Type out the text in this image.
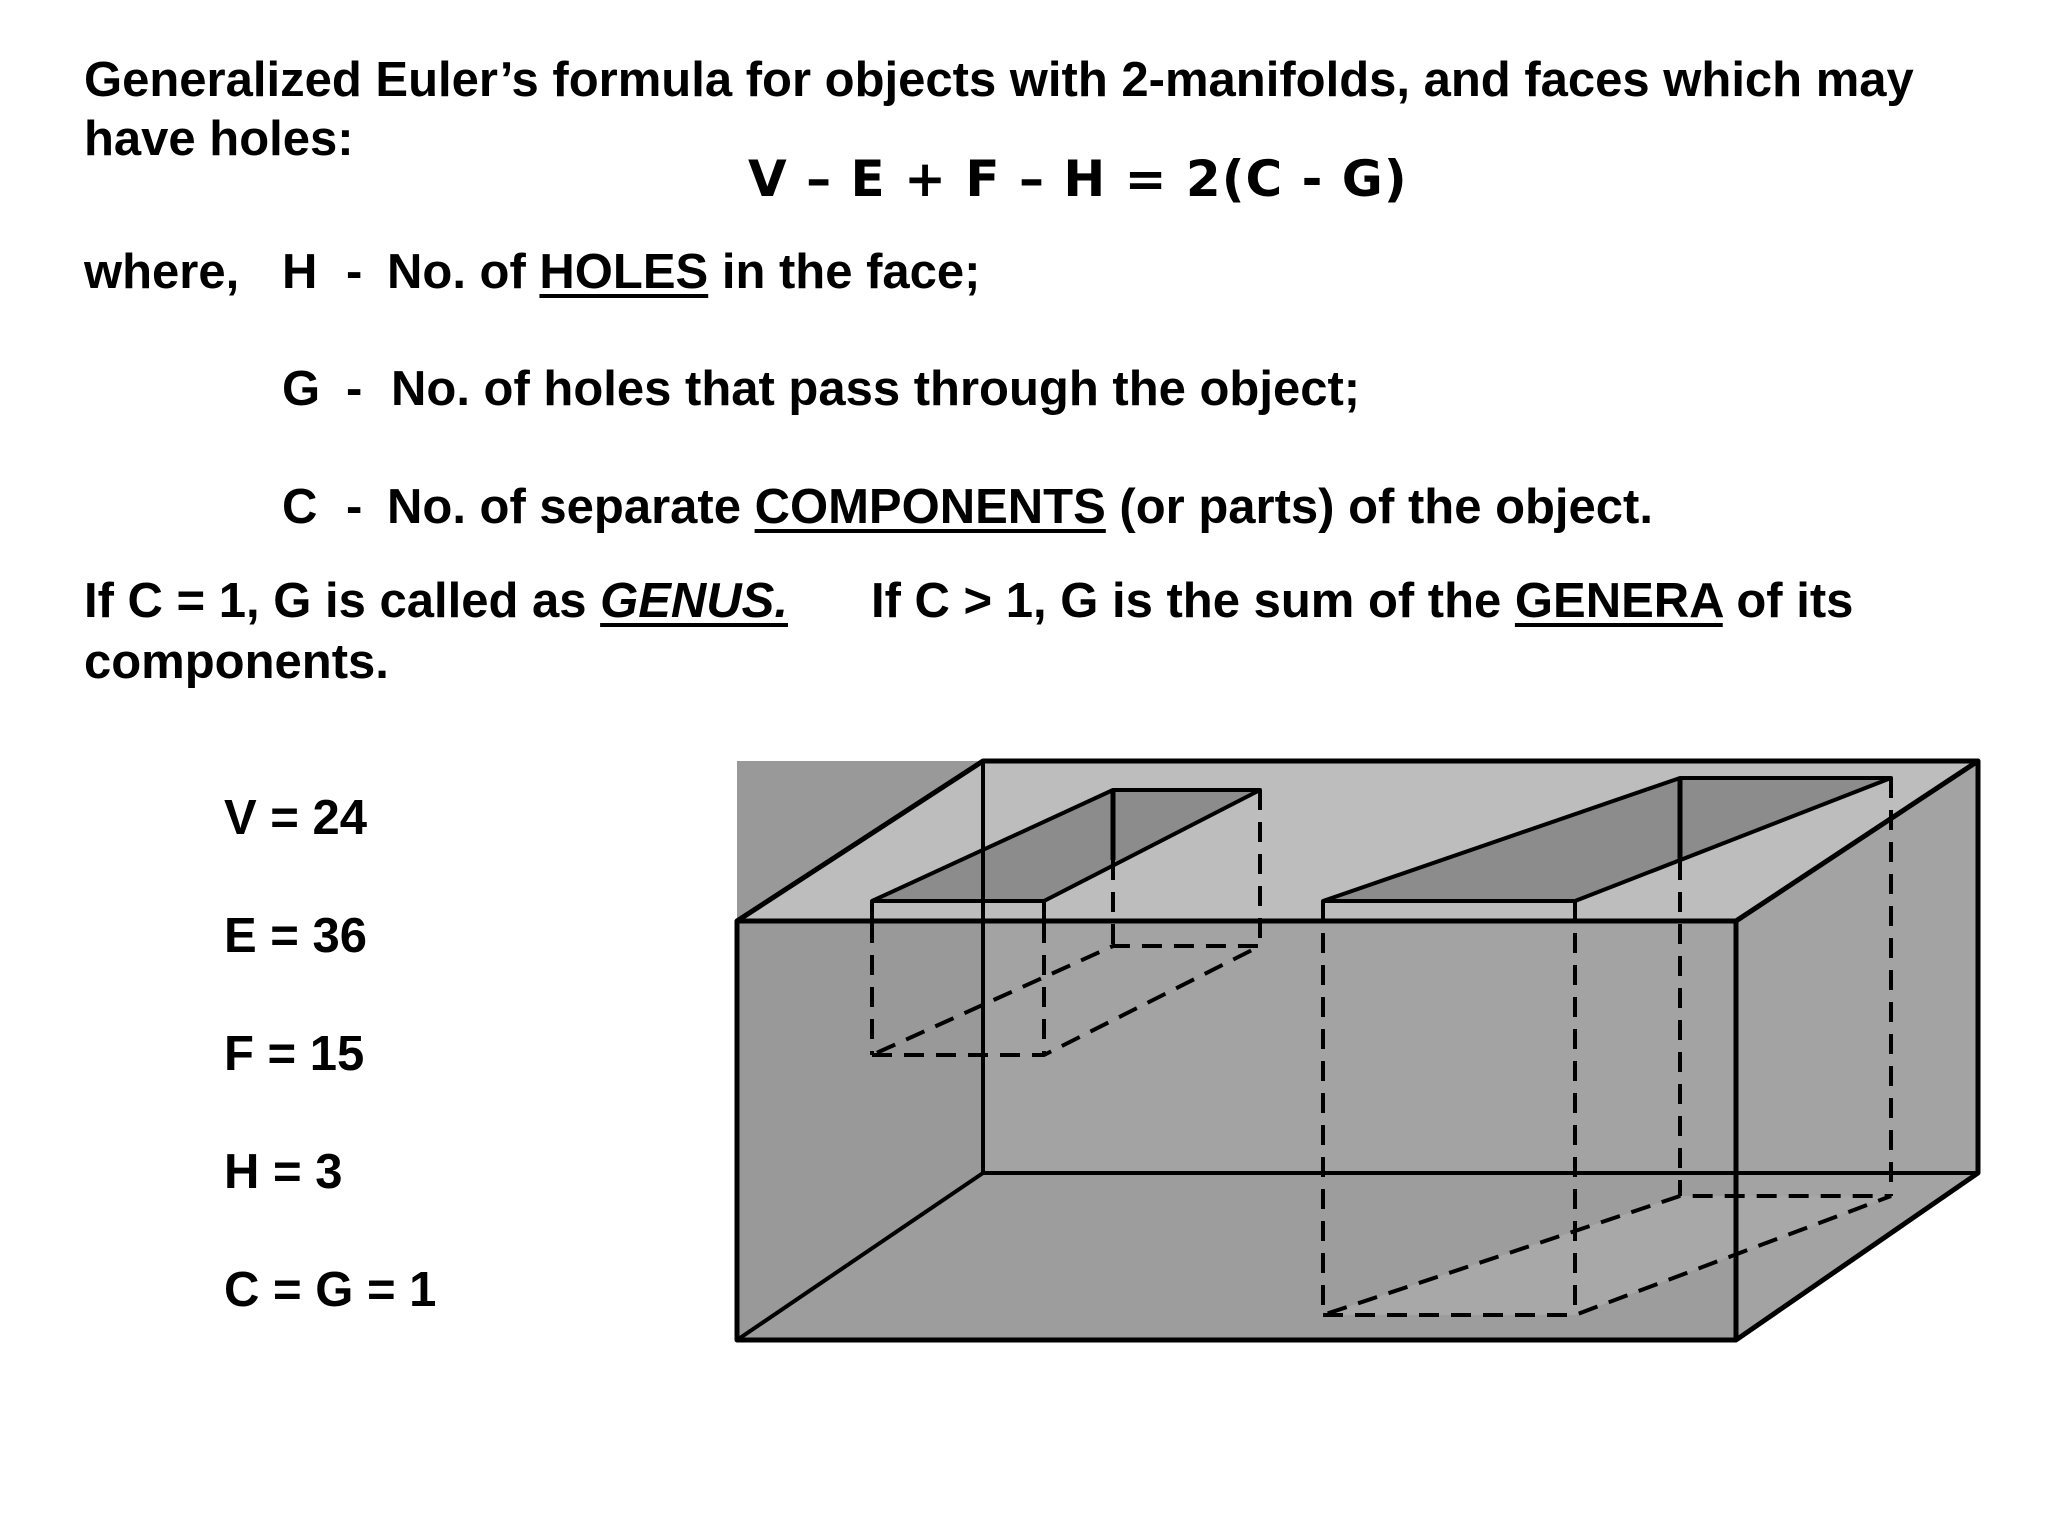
Generalized Euler’s formula for objects with 2-manifolds, and faces which may
have holes:
V – E + F – H = 2(C - G)
where, H - No. of HOLES in the face;
G - No. of holes that pass through the object;
C - No. of separate COMPONENTS (or parts) of the object.
If C = 1, G is called as GENUS. If C > 1, G is the sum of the GENERA of its
components.
V = 24
E = 36
F = 15
H = 3
C = G = 1
